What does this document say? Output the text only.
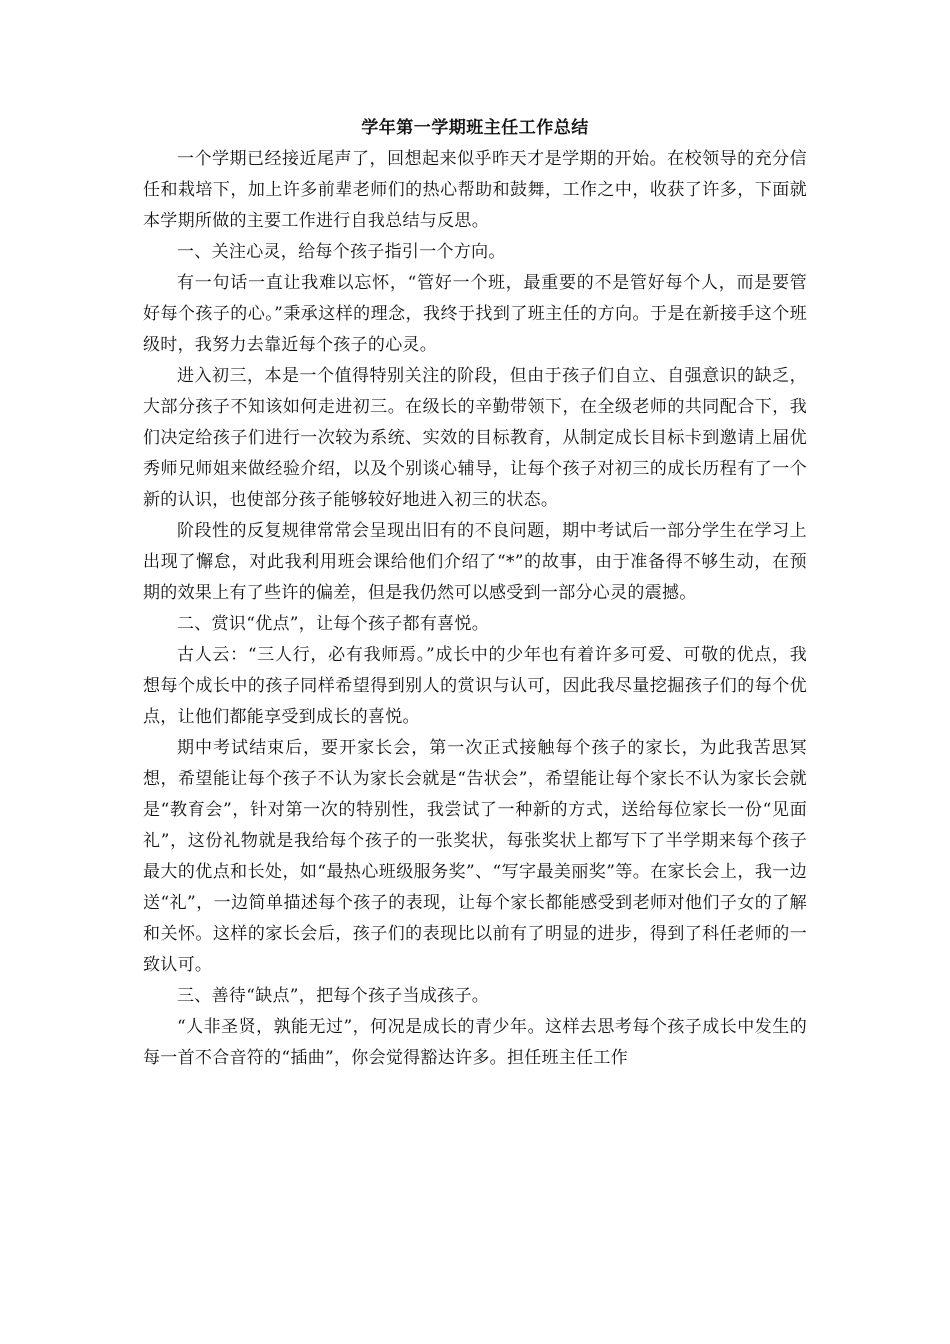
学年第一学期班主任工作总结

一个学期已经接近尾声了，回想起来似乎昨天才是学期的开始。在校领导的充分信任和栽培下，加上许多前辈老师们的热心帮助和鼓舞，工作之中，收获了许多，下面就本学期所做的主要工作进行自我总结与反思。

一、关注心灵，给每个孩子指引一个方向。

有一句话一直让我难以忘怀，“管好一个班，最重要的不是管好每个人，而是要管好每个孩子的心。”秉承这样的理念，我终于找到了班主任的方向。于是在新接手这个班级时，我努力去靠近每个孩子的心灵。

进入初三，本是一个值得特别关注的阶段，但由于孩子们自立、自强意识的缺乏，大部分孩子不知该如何走进初三。在级长的辛勤带领下，在全级老师的共同配合下，我们决定给孩子们进行一次较为系统、实效的目标教育，从制定成长目标卡到邀请上届优秀师兄师姐来做经验介绍，以及个别谈心辅导，让每个孩子对初三的成长历程有了一个新的认识，也使部分孩子能够较好地进入初三的状态。

阶段性的反复规律常常会呈现出旧有的不良问题，期中考试后一部分学生在学习上出现了懈怠，对此我利用班会课给他们介绍了“*”的故事，由于准备得不够生动，在预期的效果上有了些许的偏差，但是我仍然可以感受到一部分心灵的震撼。

二、赏识“优点”，让每个孩子都有喜悦。

古人云：“三人行，必有我师焉。”成长中的少年也有着许多可爱、可敬的优点，我想每个成长中的孩子同样希望得到别人的赏识与认可，因此我尽量挖掘孩子们的每个优点，让他们都能享受到成长的喜悦。

期中考试结束后，要开家长会，第一次正式接触每个孩子的家长，为此我苦思冥想，希望能让每个孩子不认为家长会就是“告状会”，希望能让每个家长不认为家长会就是“教育会”，针对第一次的特别性，我尝试了一种新的方式，送给每位家长一份“见面礼”，这份礼物就是我给每个孩子的一张奖状，每张奖状上都写下了半学期来每个孩子最大的优点和长处，如“最热心班级服务奖”、“写字最美丽奖”等。在家长会上，我一边送“礼”，一边简单描述每个孩子的表现，让每个家长都能感受到老师对他们子女的了解和关怀。这样的家长会后，孩子们的表现比以前有了明显的进步，得到了科任老师的一致认可。

三、善待“缺点”，把每个孩子当成孩子。

“人非圣贤，孰能无过”，何况是成长的青少年。这样去思考每个孩子成长中发生的每一首不合音符的“插曲”，你会觉得豁达许多。担任班主任工作
